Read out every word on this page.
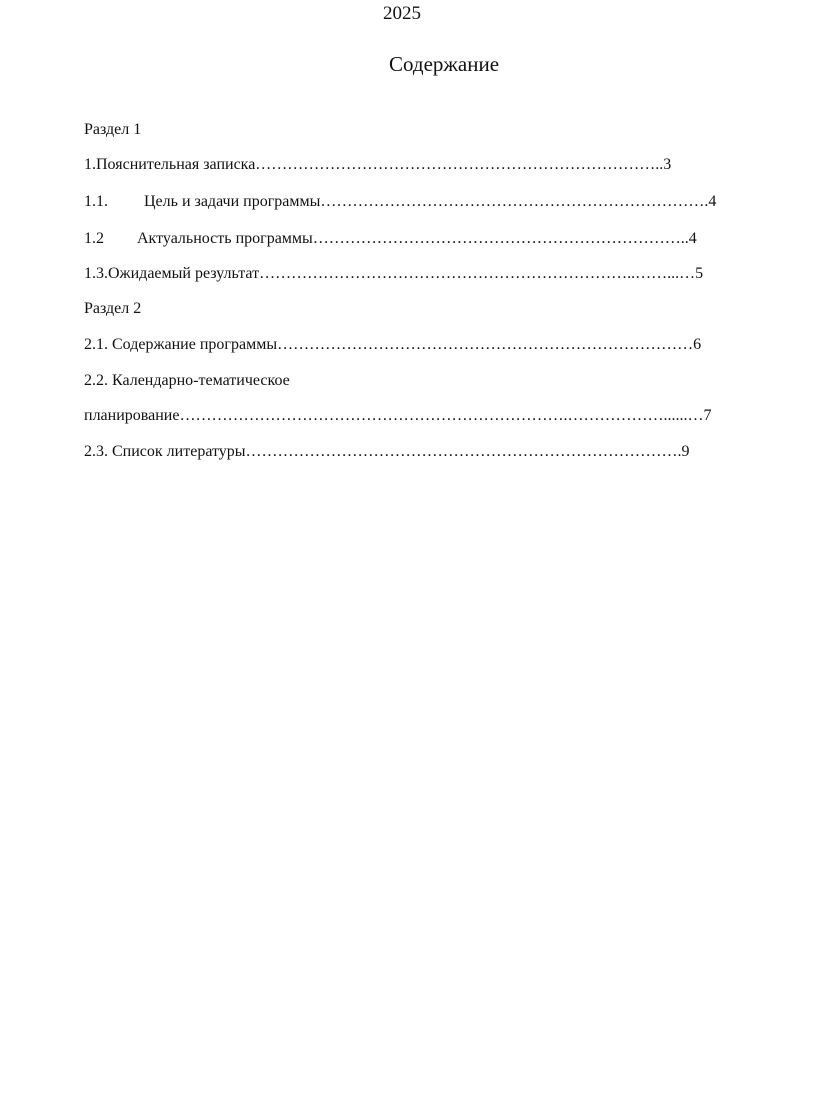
2025
Содержание
Раздел 1
1.Пояснительная записка…………………………………………………………………..3
1.1. Цель и задачи программы……………………………………………………………….4
1.2 Актуальность программы……………………………………………………………..4
1.3.Ожидаемый результат……………………………………………………………..……...…5
Раздел 2
2.1. Содержание программы……………………………………………………………………6
2.2. Календарно-тематическое
планирование……………………………………………………………….………………......…7
2.3. Список литературы……………………………………………………………………….9
